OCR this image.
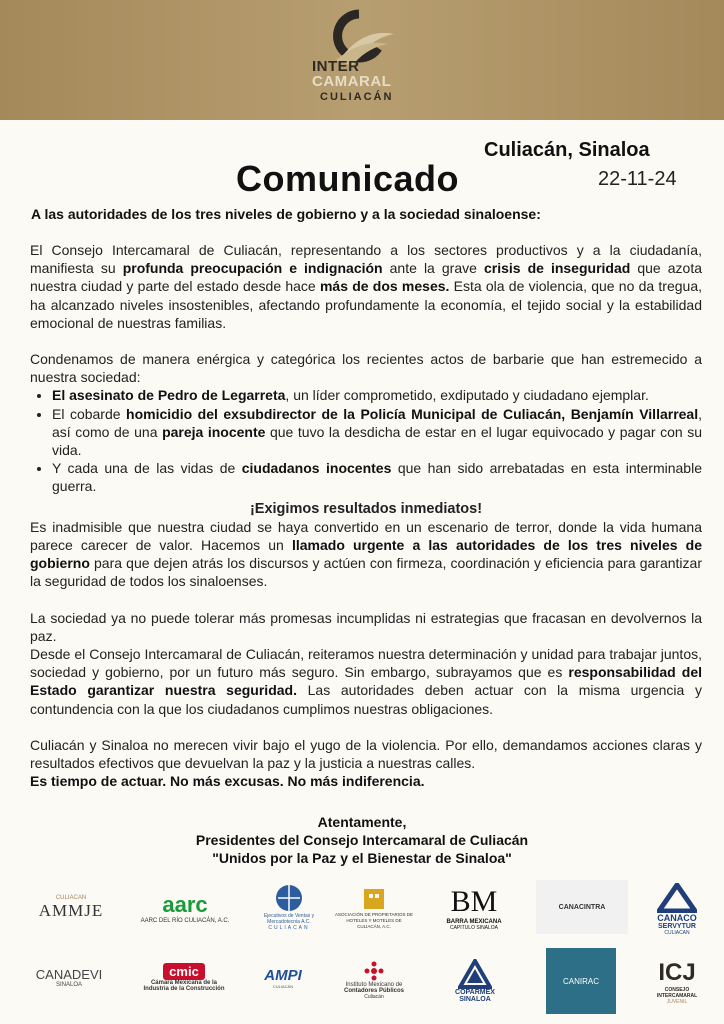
INTER
CAMARAL
CULIACÁN
Culiacán, Sinaloa
Comunicado	22-11-24
A las autoridades de los tres niveles de gobierno y a la sociedad sinaloense:

El Consejo Intercamaral de Culiacán, representando a los sectores productivos y a la ciudadanía, manifiesta su profunda preocupación e indignación ante la grave crisis de inseguridad que azota nuestra ciudad y parte del estado desde hace más de dos meses. Esta ola de violencia, que no da tregua, ha alcanzado niveles insostenibles, afectando profundamente la economía, el tejido social y la estabilidad emocional de nuestras familias.

Condenamos de manera enérgica y categórica los recientes actos de barbarie que han estremecido a nuestra sociedad:

• El asesinato de Pedro de Legarreta, un líder comprometido, exdiputado y ciudadano ejemplar.
• El cobarde homicidio del exsubdirector de la Policía Municipal de Culiacán, Benjamín Villarreal, así como de una pareja inocente que tuvo la desdicha de estar en el lugar equivocado y pagar con su vida.
• Y cada una de las vidas de ciudadanos inocentes que han sido arrebatadas en esta interminable guerra.

¡Exigimos resultados inmediatos!

Es inadmisible que nuestra ciudad se haya convertido en un escenario de terror, donde la vida humana parece carecer de valor. Hacemos un llamado urgente a las autoridades de los tres niveles de gobierno para que dejen atrás los discursos y actúen con firmeza, coordinación y eficiencia para garantizar la seguridad de todos los sinaloenses.

La sociedad ya no puede tolerar más promesas incumplidas ni estrategias que fracasan en devolvernos la paz.

Desde el Consejo Intercamaral de Culiacán, reiteramos nuestra determinación y unidad para trabajar juntos, sociedad y gobierno, por un futuro más seguro. Sin embargo, subrayamos que es responsabilidad del Estado garantizar nuestra seguridad. Las autoridades deben actuar con la misma urgencia y contundencia con la que los ciudadanos cumplimos nuestras obligaciones.

Culiacán y Sinaloa no merecen vivir bajo el yugo de la violencia. Por ello, demandamos acciones claras y resultados efectivos que devuelvan la paz y la justicia a nuestras calles.

Es tiempo de actuar. No más excusas. No más indiferencia.

Atentamente,
Presidentes del Consejo Intercamaral de Culiacán
"Unidos por la Paz y el Bienestar de Sinaloa"
CULIACAN
AMMJE	aarc
AARC DEL RÍO CULIACÁN, A.C.
Ejecutivos de Ventas y Mercadotecnia A.C.
CULIACAN
ASOCIACIÓN DE PROPIETARIOS DE HOTELES Y MOTELES DE CULIACÁN, A.C.
BM
BARRA MEXICANA
CAPITULO SINALOA
CANACINTRA
CANACO
SERVYTUR
CULIACAN
CANADEVI
SINALOA
cmic
Cámara Mexicana de la
Industria de la Construcción
AMPI
CULIACÁN	Instituto Mexicano de
Contadores Públicos
Culiacán
COPARMEX
SINALOA
CANIRAC ICJ
CONSEJO
INTERCAMARAL
JUVENIL
